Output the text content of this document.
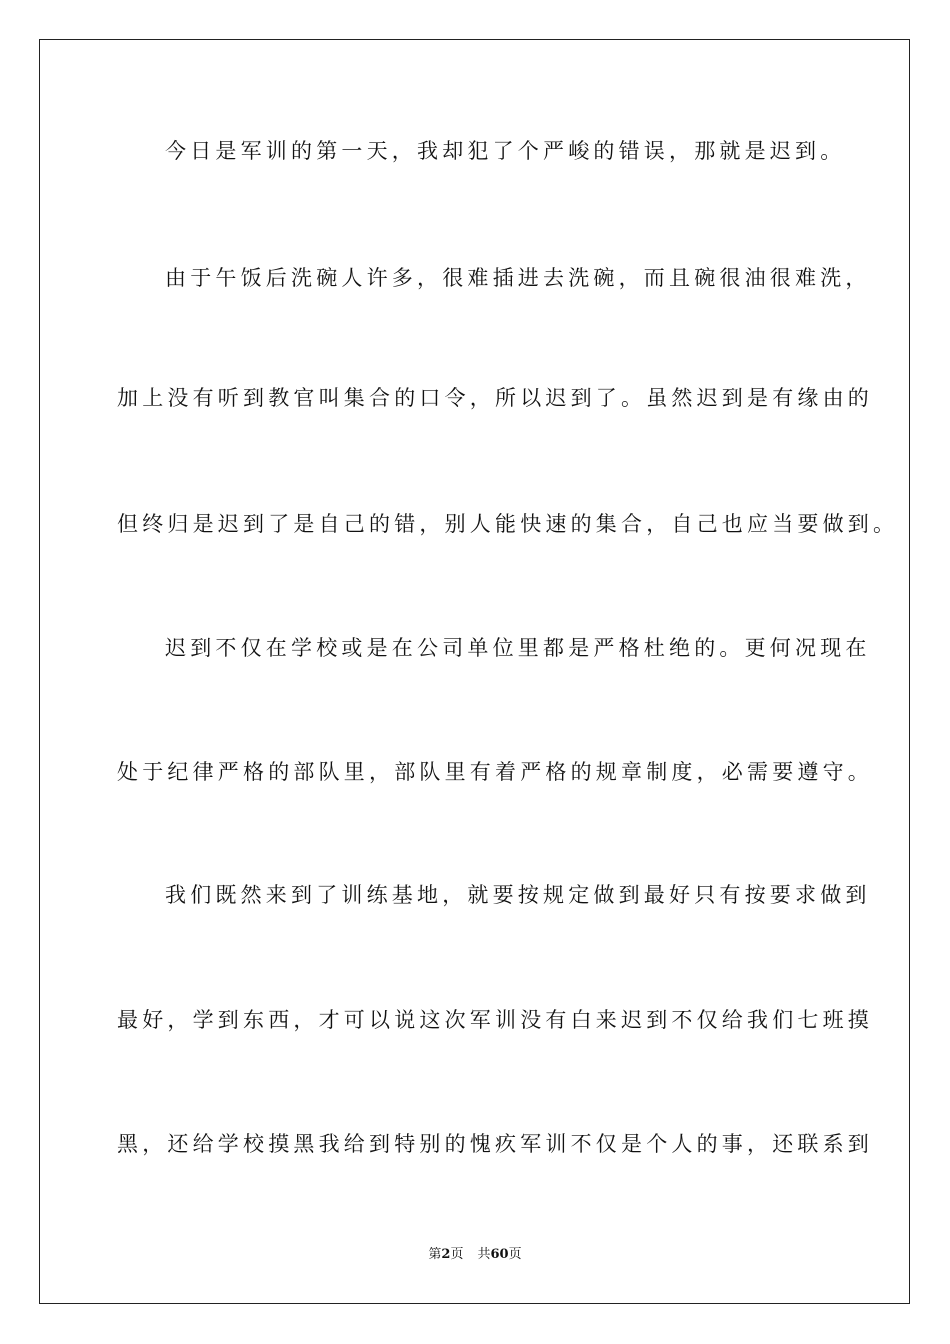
今日是军训的第一天，我却犯了个严峻的错误，那就是迟到。
由于午饭后洗碗人许多，很难插进去洗碗，而且碗很油很难洗，
加上没有听到教官叫集合的口令，所以迟到了。虽然迟到是有缘由的
但终归是迟到了是自己的错，别人能快速的集合，自己也应当要做到。
迟到不仅在学校或是在公司单位里都是严格杜绝的。更何况现在
处于纪律严格的部队里，部队里有着严格的规章制度，必需要遵守。
我们既然来到了训练基地，就要按规定做到最好只有按要求做到
最好，学到东西，才可以说这次军训没有白来迟到不仅给我们七班摸
黑，还给学校摸黑我给到特别的愧疚军训不仅是个人的事，还联系到
第2页 共60页
